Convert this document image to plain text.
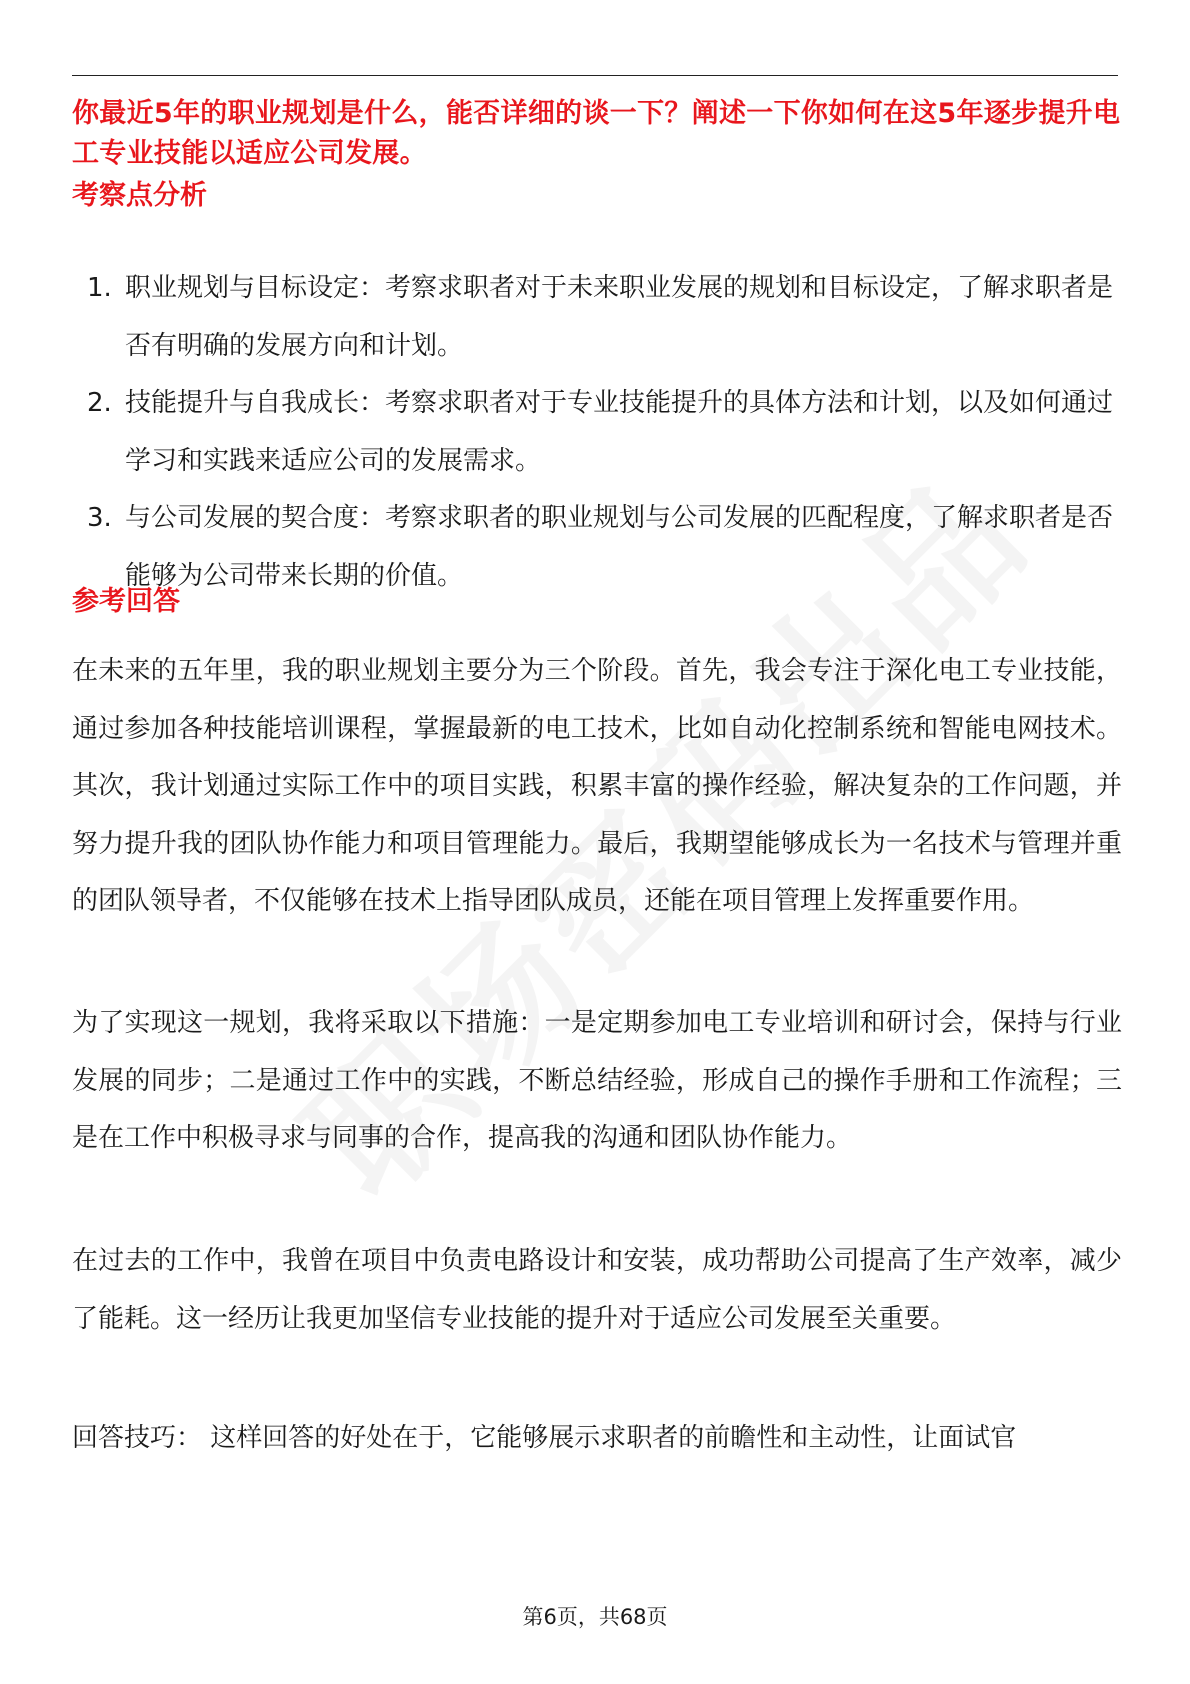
你最近5年的职业规划是什么，能否详细的谈一下？阐述一下你如何在这5年逐步提升电工专业技能以适应公司发展。
考察点分析
1. 职业规划与目标设定：考察求职者对于未来职业发展的规划和目标设定，了解求职者是否有明确的发展方向和计划。
2. 技能提升与自我成长：考察求职者对于专业技能提升的具体方法和计划，以及如何通过学习和实践来适应公司的发展需求。
3. 与公司发展的契合度：考察求职者的职业规划与公司发展的匹配程度，了解求职者是否能够为公司带来长期的价值。
参考回答
在未来的五年里，我的职业规划主要分为三个阶段。首先，我会专注于深化电工专业技能，通过参加各种技能培训课程，掌握最新的电工技术，比如自动化控制系统和智能电网技术。其次，我计划通过实际工作中的项目实践，积累丰富的操作经验，解决复杂的工作问题，并努力提升我的团队协作能力和项目管理能力。最后，我期望能够成长为一名技术与管理并重的团队领导者，不仅能够在技术上指导团队成员，还能在项目管理上发挥重要作用。
为了实现这一规划，我将采取以下措施：一是定期参加电工专业培训和研讨会，保持与行业发展的同步；二是通过工作中的实践，不断总结经验，形成自己的操作手册和工作流程；三是在工作中积极寻求与同事的合作，提高我的沟通和团队协作能力。
在过去的工作中，我曾在项目中负责电路设计和安装，成功帮助公司提高了生产效率，减少了能耗。这一经历让我更加坚信专业技能的提升对于适应公司发展至关重要。
回答技巧： 这样回答的好处在于，它能够展示求职者的前瞻性和主动性，让面试官
第6页，共68页
